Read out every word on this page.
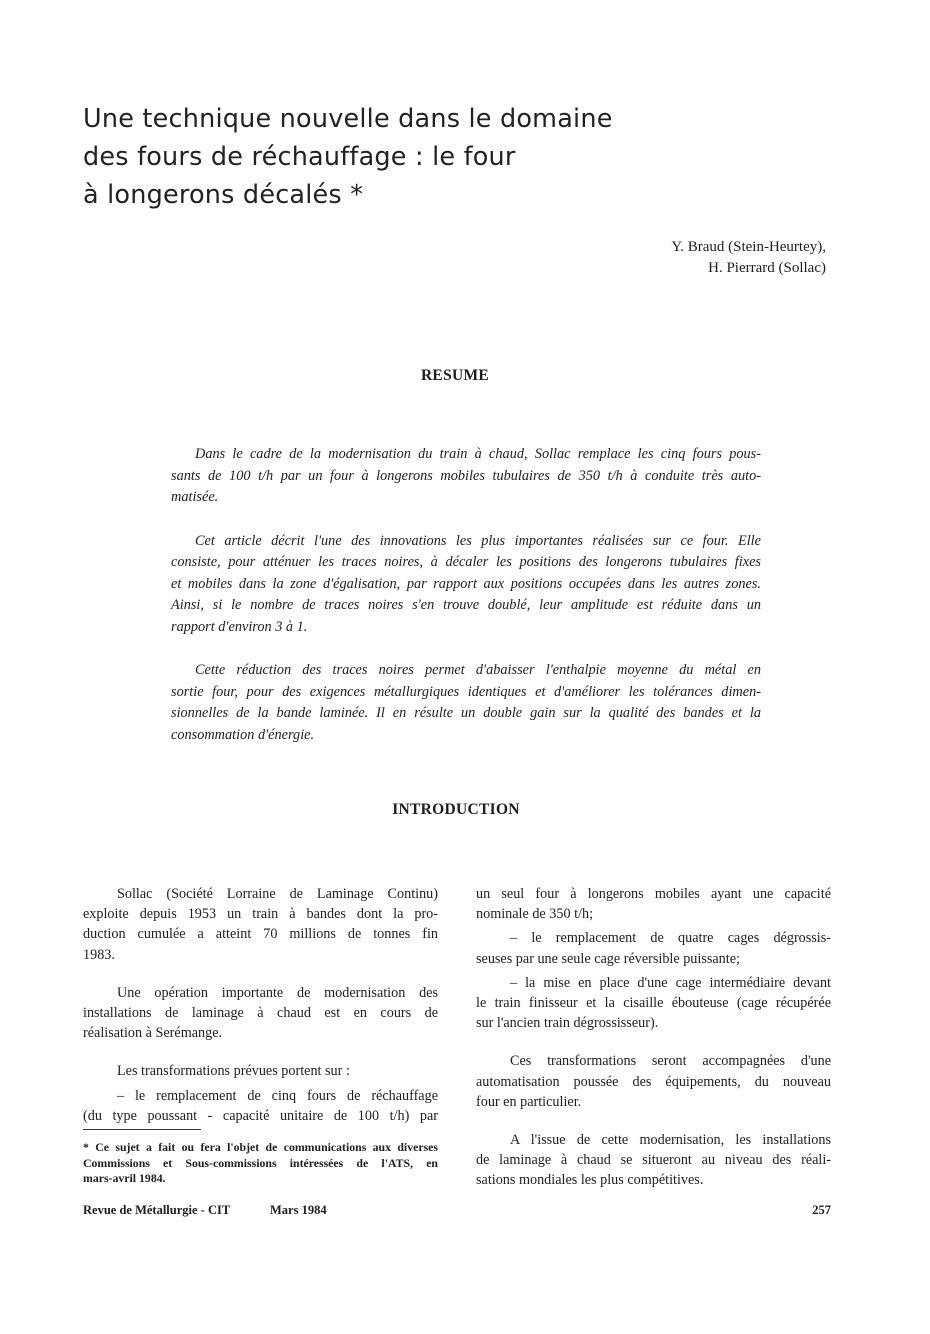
Une technique nouvelle dans le domaine
des fours de réchauffage : le four
à longerons décalés *
Y. Braud (Stein-Heurtey),
H. Pierrard (Sollac)
RESUME

Dans le cadre de la modernisation du train à chaud, Sollac remplace les cinq fours pous-
sants de 100 t/h par un four à longerons mobiles tubulaires de 350 t/h à conduite très auto-
matisée.

Cet article décrit l'une des innovations les plus importantes réalisées sur ce four. Elle
consiste, pour atténuer les traces noires, à décaler les positions des longerons tubulaires fixes
et mobiles dans la zone d'égalisation, par rapport aux positions occupées dans les autres zones.
Ainsi, si le nombre de traces noires s'en trouve doublé, leur amplitude est réduite dans un
rapport d'environ 3 à 1.

Cette réduction des traces noires permet d'abaisser l'enthalpie moyenne du métal en
sortie four, pour des exigences métallurgiques identiques et d'améliorer les tolérances dimen-
sionnelles de la bande laminée. Il en résulte un double gain sur la qualité des bandes et la
consommation d'énergie.

INTRODUCTION

Sollac (Société Lorraine de Laminage Continu)
exploite depuis 1953 un train à bandes dont la pro-
duction cumulée a atteint 70 millions de tonnes fin
1983.

Une opération importante de modernisation des
installations de laminage à chaud est en cours de
réalisation à Serémange.

Les transformations prévues portent sur :

– le remplacement de cinq fours de réchauffage
(du type poussant - capacité unitaire de 100 t/h) par

* Ce sujet a fait ou fera l'objet de communications aux diverses
Commissions et Sous-commissions intéressées de l'ATS, en
mars-avril 1984.

un seul four à longerons mobiles ayant une capacité
nominale de 350 t/h;

– le remplacement de quatre cages dégrossis-
seuses par une seule cage réversible puissante;

– la mise en place d'une cage intermédiaire devant
le train finisseur et la cisaille ébouteuse (cage récupérée
sur l'ancien train dégrossisseur).

Ces transformations seront accompagnées d'une
automatisation poussée des équipements, du nouveau
four en particulier.

A l'issue de cette modernisation, les installations
de laminage à chaud se situeront au niveau des réali-
sations mondiales les plus compétitives.

Revue de Métallurgie - CIT	Mars 1984	257
